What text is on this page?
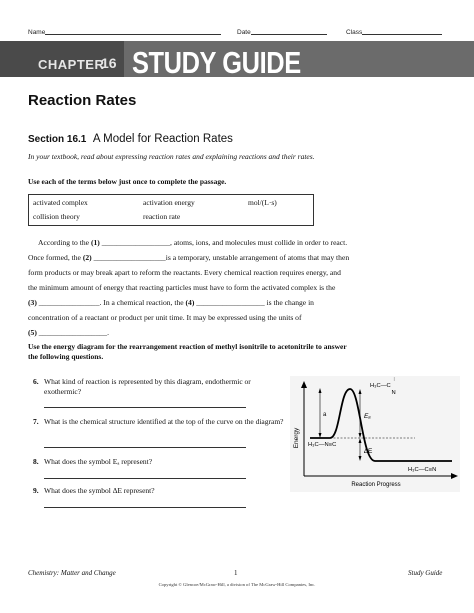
Name	Date	Class
CHAPTER
16 STUDY GUIDE
Reaction Rates
Section 16.1 A Model for Reaction Rates
In your textbook, read about expressing reaction rates and explaining reactions and their rates.
Use each of the terms below just once to complete the passage.
activated complex	activation energy	mol/(L·s)
collision theory	reaction rate
According to the (1) __________________, atoms, ions, and molecules must collide in order to react.
Once formed, the (2) ___________________is a temporary, unstable arrangement of atoms that may then
form products or may break apart to reform the reactants. Every chemical reaction requires energy, and
the minimum amount of energy that reacting particles must have to form the activated complex is the
(3) ________________. In a chemical reaction, the (4) __________________ is the change in
concentration of a reactant or product per unit time. It may be expressed using the units of
(5) __________________.
Use the energy diagram for the rearrangement reaction of methyl isonitrile to acetonitrile to answer the following questions.
6. What kind of reaction is represented by this diagram, endothermic or exothermic?
7. What is the chemical structure identified at the top of the curve on the diagram?
8. What does the symbol Eₐ represent?
9. What does the symbol ∆E represent?
Energy
Reaction Progress
a	Eₐ
∆E
H₃C—N≡C
H₃C—C≡N
H₃C—C
⁞
N
Chemistry: Matter and Change	1	Study Guide
Copyright © Glencoe/McGraw-Hill, a division of The McGraw-Hill Companies, Inc.
